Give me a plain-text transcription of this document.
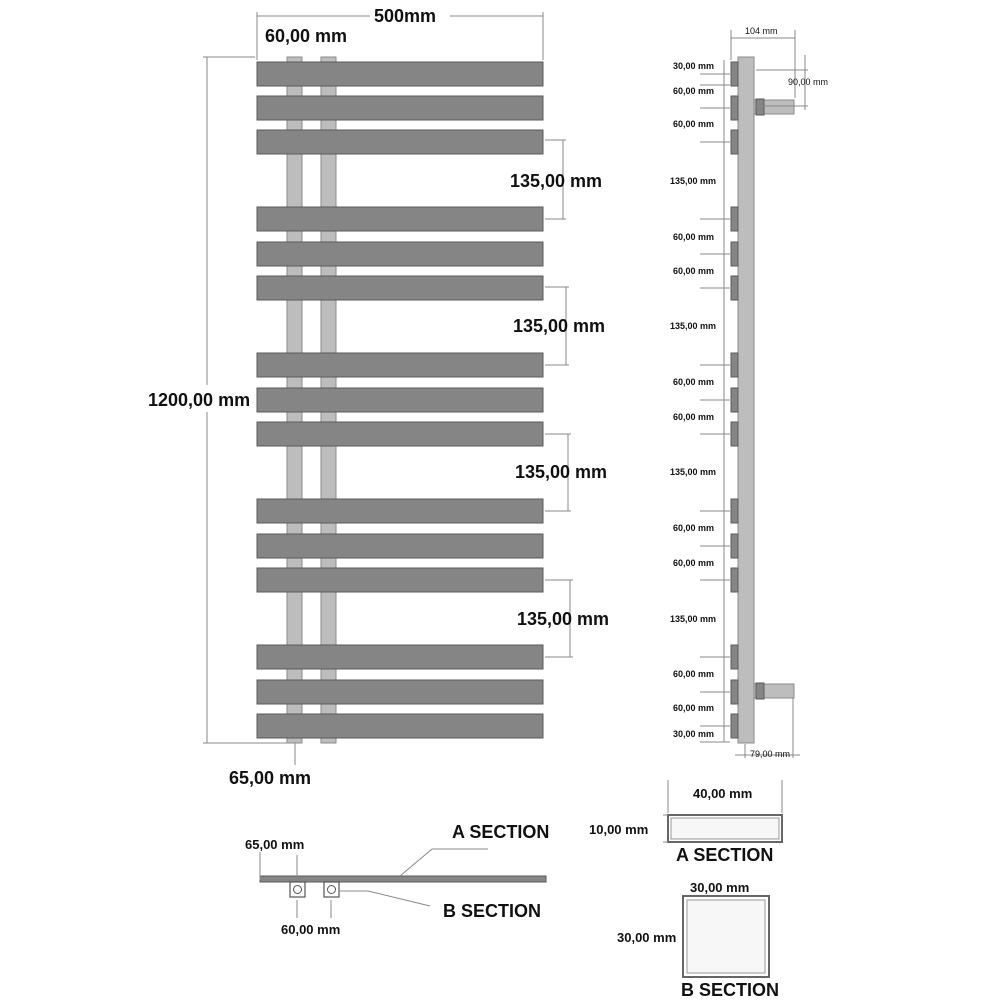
500mm
60,00 mm
1200,00 mm
135,00 mm
135,00 mm
135,00 mm
135,00 mm
65,00 mm
104 mm
90,00 mm
79,00 mm
30,00 mm
60,00 mm
60,00 mm
135,00 mm
60,00 mm
60,00 mm
135,00 mm
60,00 mm
60,00 mm
135,00 mm
60,00 mm
60,00 mm
135,00 mm
60,00 mm
60,00 mm
30,00 mm
65,00 mm
60,00 mm
A SECTION
B SECTION
40,00 mm
10,00 mm
A SECTION
30,00 mm
30,00 mm
B SECTION
